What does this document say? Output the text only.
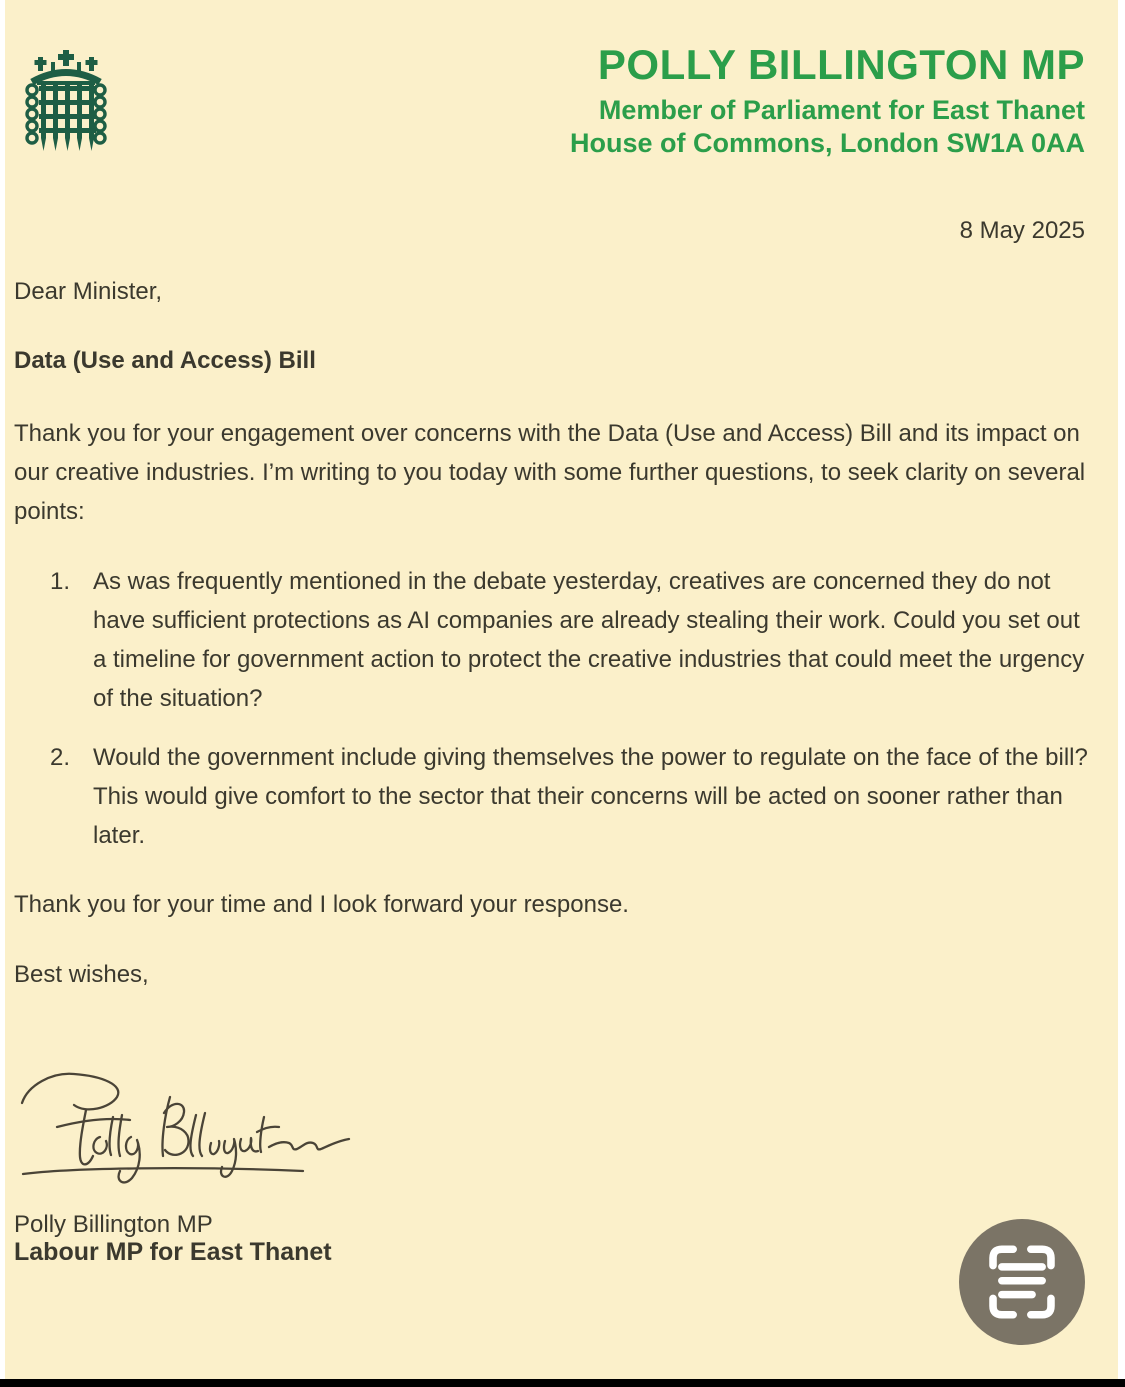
POLLY BILLINGTON MP
Member of Parliament for East Thanet
House of Commons, London SW1A 0AA
8 May 2025
Dear Minister,
Data (Use and Access) Bill

Thank you for your engagement over concerns with the Data (Use and Access) Bill and its impact on our creative industries. I’m writing to you today with some further questions, to seek clarity on several points:

1. As was frequently mentioned in the debate yesterday, creatives are concerned they do not have sufficient protections as AI companies are already stealing their work. Could you set out a timeline for government action to protect the creative industries that could meet the urgency of the situation?
2. Would the government include giving themselves the power to regulate on the face of the bill? This would give comfort to the sector that their concerns will be acted on sooner rather than later.
Thank you for your time and I look forward your response.
Best wishes,
Polly Billington MP
Labour MP for East Thanet
